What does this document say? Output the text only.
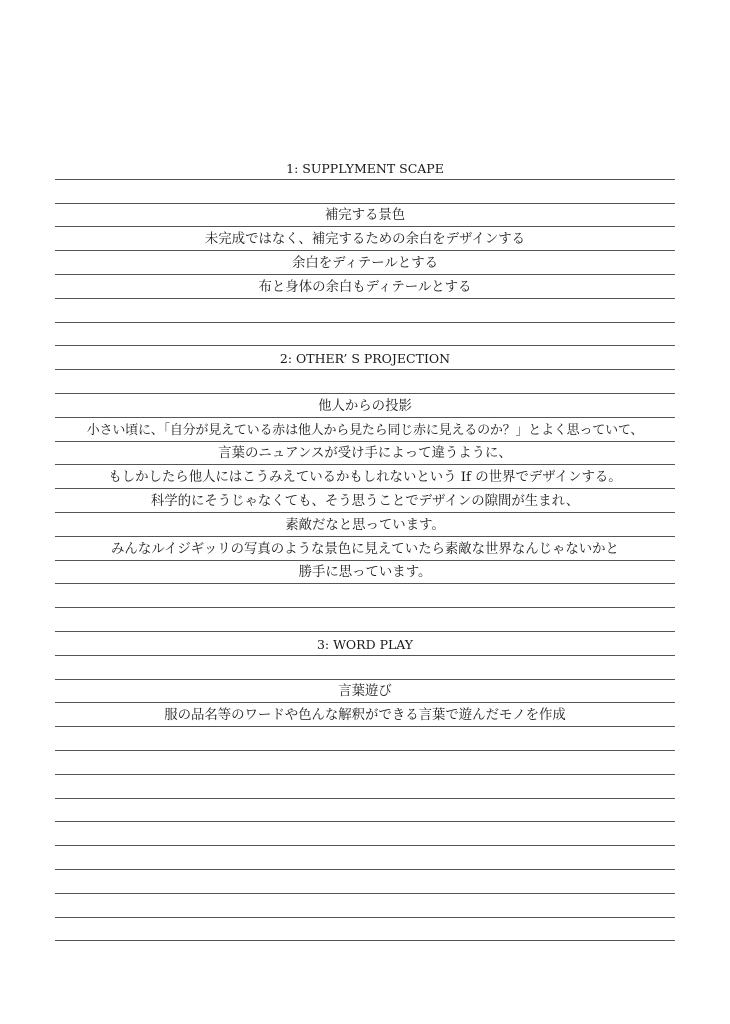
1: SUPPLYMENT SCAPE
補完する景色
未完成ではなく、補完するための余白をデザインする
余白をディテールとする
布と身体の余白もディテールとする
2: OTHER’ S PROJECTION
他人からの投影
小さい頃に、「自分が見えている赤は他人から見たら同じ赤に見えるのか？」とよく思っていて、
言葉のニュアンスが受け手によって違うように、
もしかしたら他人にはこうみえているかもしれないという If の世界でデザインする。
科学的にそうじゃなくても、そう思うことでデザインの隙間が生まれ、
素敵だなと思っています。
みんなルイジギッリの写真のような景色に見えていたら素敵な世界なんじゃないかと
勝手に思っています。
3: WORD PLAY
言葉遊び
服の品名等のワードや色んな解釈ができる言葉で遊んだモノを作成
